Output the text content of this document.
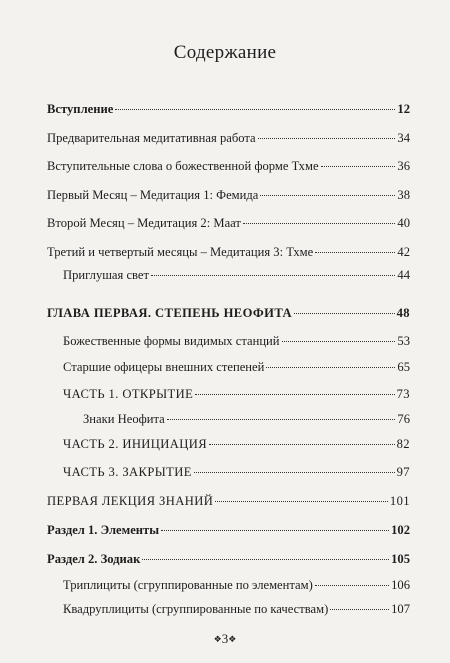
Содержание
Вступление	12
Предварительная медитативная работа	34
Вступительные слова о божественной форме Тхме	36
Первый Месяц – Медитация 1: Фемида	38
Второй Месяц – Медитация 2: Маат	40
Третий и четвертый месяцы – Медитация 3: Тхме	42
Приглушая свет	44
ГЛАВА ПЕРВАЯ. СТЕПЕНЬ НЕОФИТА	48
Божественные формы видимых станций	53
Старшие офицеры внешних степеней	65
ЧАСТЬ 1. ОТКРЫТИЕ	73
Знаки Неофита	76
ЧАСТЬ 2. ИНИЦИАЦИЯ	82
ЧАСТЬ 3. ЗАКРЫТИЕ	97
ПЕРВАЯ ЛЕКЦИЯ ЗНАНИЙ	101
Раздел 1. Элементы	102
Раздел 2. Зодиак	105
Триплициты (сгруппированные по элементам)	106
Квадруплициты (сгруппированные по качествам)	107
❖3❖
